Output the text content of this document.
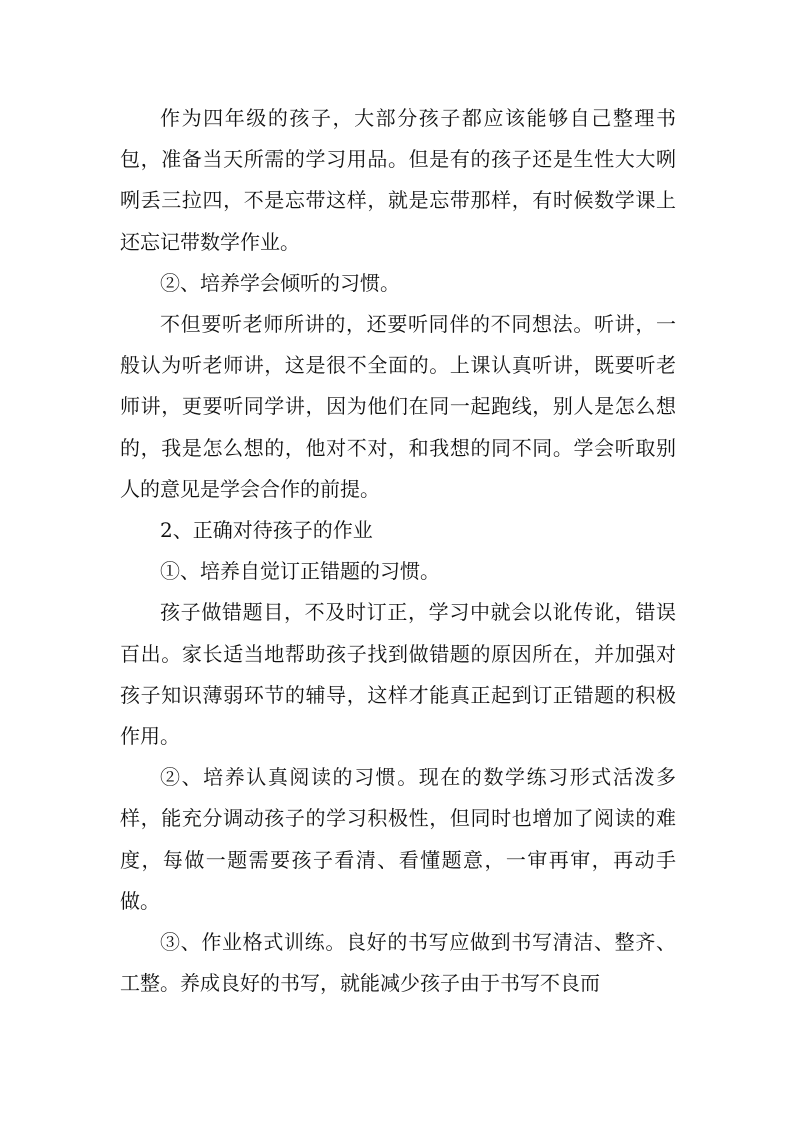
作为四年级的孩子，大部分孩子都应该能够自己整理书包，准备当天所需的学习用品。但是有的孩子还是生性大大咧咧丢三拉四，不是忘带这样，就是忘带那样，有时候数学课上还忘记带数学作业。

②、培养学会倾听的习惯。

不但要听老师所讲的，还要听同伴的不同想法。听讲，一般认为听老师讲，这是很不全面的。上课认真听讲，既要听老师讲，更要听同学讲，因为他们在同一起跑线，别人是怎么想的，我是怎么想的，他对不对，和我想的同不同。学会听取别人的意见是学会合作的前提。

2、正确对待孩子的作业

①、培养自觉订正错题的习惯。

孩子做错题目，不及时订正，学习中就会以讹传讹，错误百出。家长适当地帮助孩子找到做错题的原因所在，并加强对孩子知识薄弱环节的辅导，这样才能真正起到订正错题的积极作用。

②、培养认真阅读的习惯。现在的数学练习形式活泼多样，能充分调动孩子的学习积极性，但同时也增加了阅读的难度，每做一题需要孩子看清、看懂题意，一审再审，再动手做。

③、作业格式训练。良好的书写应做到书写清洁、整齐、工整。养成良好的书写，就能减少孩子由于书写不良而
